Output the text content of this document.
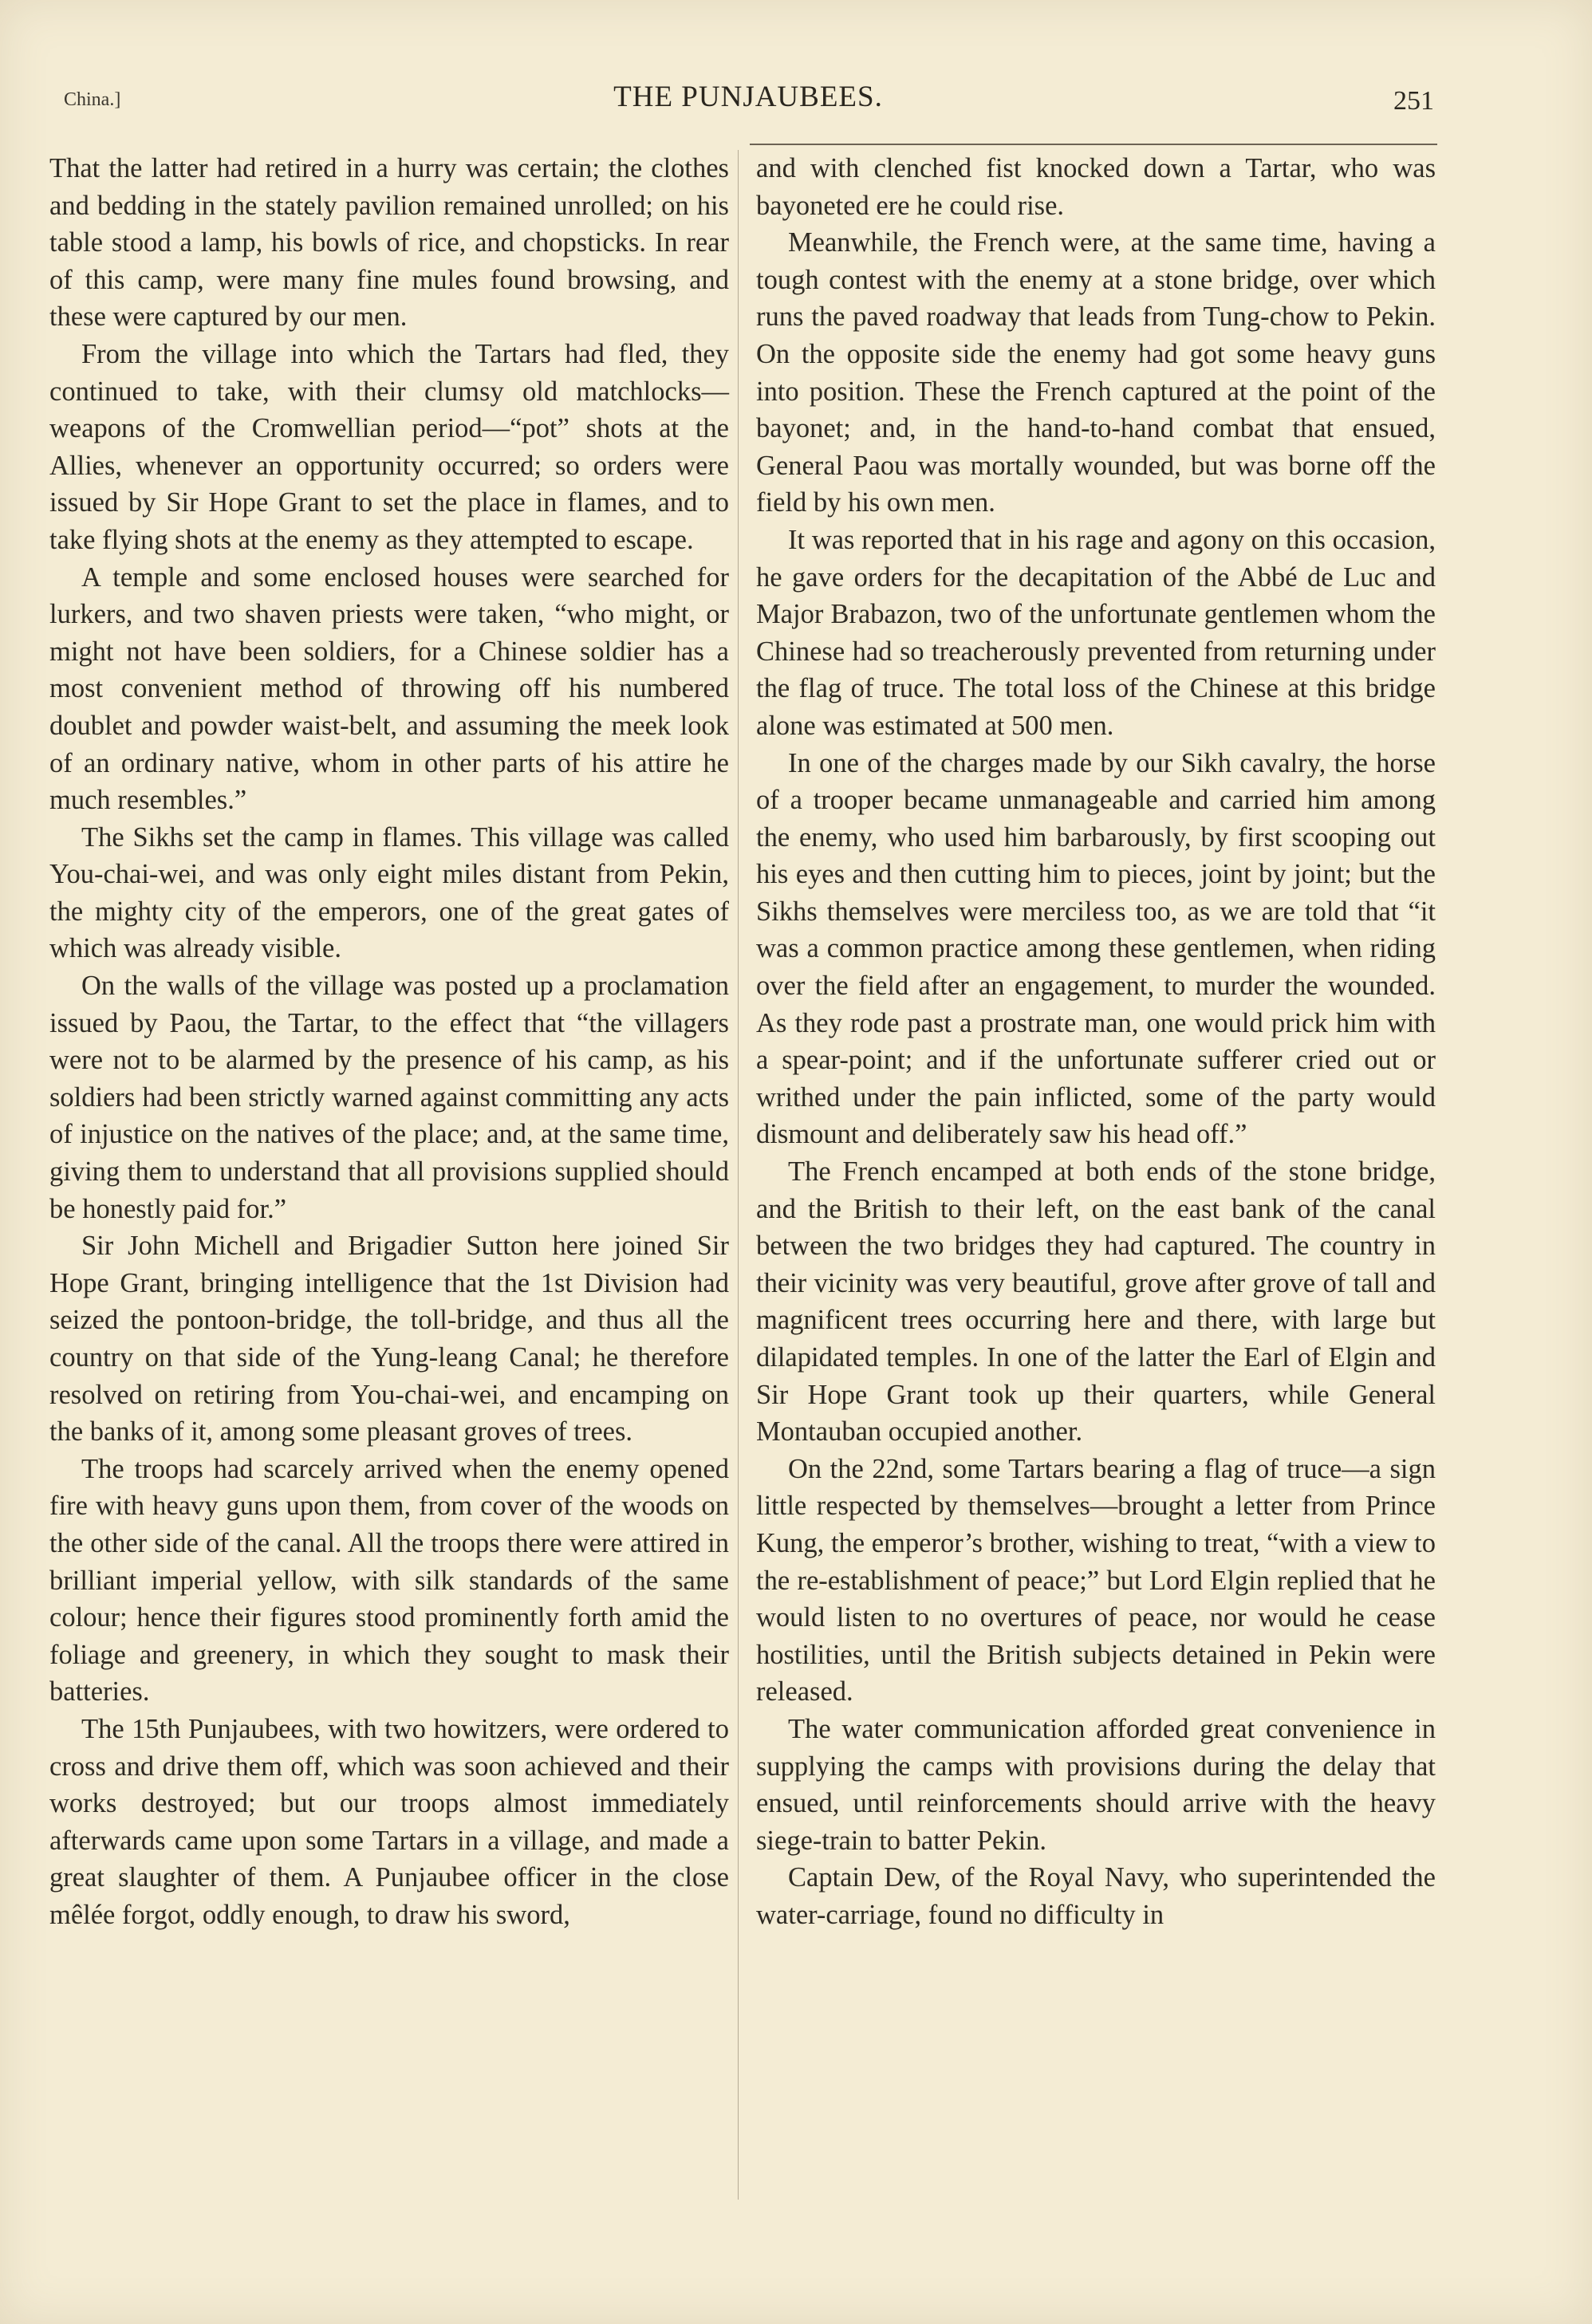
China.]	THE PUNJAUBEES.	251

That the latter had retired in a hurry was certain; the clothes and bedding in the stately pavilion remained unrolled; on his table stood a lamp, his bowls of rice, and chopsticks. In rear of this camp, were many fine mules found browsing, and these were captured by our men.

From the village into which the Tartars had fled, they continued to take, with their clumsy old matchlocks—weapons of the Cromwellian period—“pot” shots at the Allies, whenever an opportunity occurred; so orders were issued by Sir Hope Grant to set the place in flames, and to take flying shots at the enemy as they attempted to escape.

A temple and some enclosed houses were searched for lurkers, and two shaven priests were taken, “who might, or might not have been soldiers, for a Chinese soldier has a most convenient method of throwing off his numbered doublet and powder waist-belt, and assuming the meek look of an ordinary native, whom in other parts of his attire he much resembles.”

The Sikhs set the camp in flames. This village was called You-chai-wei, and was only eight miles distant from Pekin, the mighty city of the emperors, one of the great gates of which was already visible.

On the walls of the village was posted up a proclamation issued by Paou, the Tartar, to the effect that “the villagers were not to be alarmed by the presence of his camp, as his soldiers had been strictly warned against committing any acts of injustice on the natives of the place; and, at the same time, giving them to understand that all provisions supplied should be honestly paid for.”

Sir John Michell and Brigadier Sutton here joined Sir Hope Grant, bringing intelligence that the 1st Division had seized the pontoon-bridge, the toll-bridge, and thus all the country on that side of the Yung-leang Canal; he therefore resolved on retiring from You-chai-wei, and encamping on the banks of it, among some pleasant groves of trees.

The troops had scarcely arrived when the enemy opened fire with heavy guns upon them, from cover of the woods on the other side of the canal. All the troops there were attired in brilliant imperial yellow, with silk standards of the same colour; hence their figures stood prominently forth amid the foliage and greenery, in which they sought to mask their batteries.

The 15th Punjaubees, with two howitzers, were ordered to cross and drive them off, which was soon achieved and their works destroyed; but our troops almost immediately afterwards came upon some Tartars in a village, and made a great slaughter of them. A Punjaubee officer in the close mêlée forgot, oddly enough, to draw his sword,

and with clenched fist knocked down a Tartar, who was bayoneted ere he could rise.

Meanwhile, the French were, at the same time, having a tough contest with the enemy at a stone bridge, over which runs the paved roadway that leads from Tung-chow to Pekin. On the opposite side the enemy had got some heavy guns into position. These the French captured at the point of the bayonet; and, in the hand-to-hand combat that ensued, General Paou was mortally wounded, but was borne off the field by his own men.

It was reported that in his rage and agony on this occasion, he gave orders for the decapitation of the Abbé de Luc and Major Brabazon, two of the unfortunate gentlemen whom the Chinese had so treacherously prevented from returning under the flag of truce. The total loss of the Chinese at this bridge alone was estimated at 500 men.

In one of the charges made by our Sikh cavalry, the horse of a trooper became unmanageable and carried him among the enemy, who used him barbarously, by first scooping out his eyes and then cutting him to pieces, joint by joint; but the Sikhs themselves were merciless too, as we are told that “it was a common practice among these gentlemen, when riding over the field after an engagement, to murder the wounded. As they rode past a prostrate man, one would prick him with a spear-point; and if the unfortunate sufferer cried out or writhed under the pain inflicted, some of the party would dismount and deliberately saw his head off.”

The French encamped at both ends of the stone bridge, and the British to their left, on the east bank of the canal between the two bridges they had captured. The country in their vicinity was very beautiful, grove after grove of tall and magnificent trees occurring here and there, with large but dilapidated temples. In one of the latter the Earl of Elgin and Sir Hope Grant took up their quarters, while General Montauban occupied another.

On the 22nd, some Tartars bearing a flag of truce—a sign little respected by themselves—brought a letter from Prince Kung, the emperor’s brother, wishing to treat, “with a view to the re-establishment of peace;” but Lord Elgin replied that he would listen to no overtures of peace, nor would he cease hostilities, until the British subjects detained in Pekin were released.

The water communication afforded great convenience in supplying the camps with provisions during the delay that ensued, until reinforcements should arrive with the heavy siege-train to batter Pekin.

Captain Dew, of the Royal Navy, who superintended the water-carriage, found no difficulty in
